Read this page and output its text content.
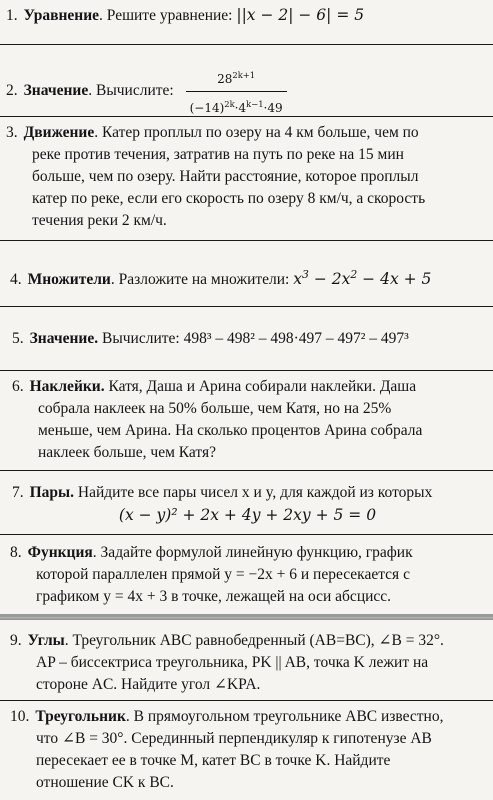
1. Уравнение. Решите уравнение: ||x − 2| − 6| = 5
2. Значение. Вычислите: $\frac{28^{2k+1}}{(-14)^{2k}\cdot 4^{k-1}\cdot 49}$
3. Движение. Катер проплыл по озеру на 4 км больше, чем по
реке против течения, затратив на путь по реке на 15 мин
больше, чем по озеру. Найти расстояние, которое проплыл
катер по реке, если его скорость по озеру 8 км/ч, а скорость
течения реки 2 км/ч.
4. Множители. Разложите на множители: $x^3 - 2x^2 - 4x + 5$
5. Значение. Вычислите: 498³ – 498² – 498·497 – 497² – 497³
6. Наклейки. Катя, Даша и Арина собирали наклейки. Даша
собрала наклеек на 50% больше, чем Катя, но на 25%
меньше, чем Арина. На сколько процентов Арина собрала
наклеек больше, чем Катя?
7. Пары. Найдите все пары чисел x и y, для каждой из которых
(x − y)² + 2x + 4y + 2xy + 5 = 0
8. Функция. Задайте формулой линейную функцию, график
которой параллелен прямой y = −2x + 6 и пересекается с
графиком y = 4x + 3 в точке, лежащей на оси абсцисс.
9. Углы. Треугольник ABC равнобедренный (AB=BC), ∠B = 32°.
AP – биссектриса треугольника, PK || AB, точка K лежит на
стороне AC. Найдите угол ∠KPA.
10. Треугольник. В прямоугольном треугольнике ABC известно,
что ∠B = 30°. Серединный перпендикуляр к гипотенузе AB
пересекает ее в точке M, катет BC в точке K. Найдите
отношение CK к BC.
